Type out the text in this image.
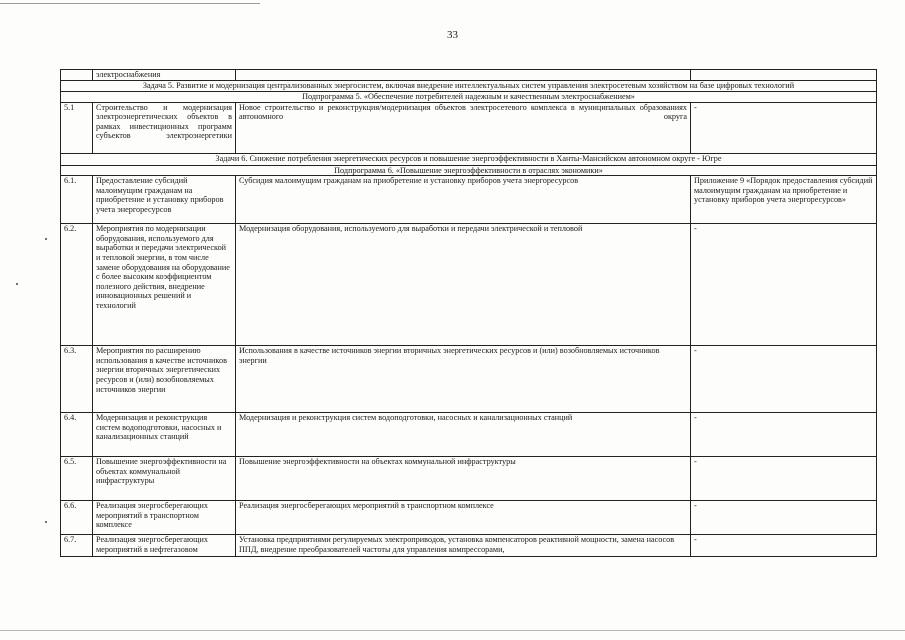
33
	электроснабжения		
Задача 5. Развитие и модернизация централизованных энергосистем, включая внедрение интеллектуальных систем управления электросетевым хозяйством на базе цифровых технологий			
Подпрограмма 5. «Обеспечение потребителей надежным и качественным электроснабжением»			
5.1	Строительство и модернизация электроэнергетических объектов в рамках инвестиционных программ субъектов электроэнергетики	Новое строительство и реконструкция/модернизация объектов электросетевого комплекса в муниципальных образованиях автономного округа	-
Задачи 6. Снижение потребления энергетических ресурсов и повышение энергоэффективности в Ханты-Мансийском автономном округе - Югре			
Подпрограмма 6. «Повышение энергоэффективности в отраслях экономики»			
6.1.	Предоставление субсидий малоимущим гражданам на приобретение и установку приборов учета энергоресурсов	Субсидия малоимущим гражданам на приобретение и установку приборов учета энергоресурсов	Приложение 9 «Порядок предоставления субсидий малоимущим гражданам на приобретение и установку приборов учета энергоресурсов»
6.2.	Мероприятия по модернизации оборудования, используемого для выработки и передачи электрической и тепловой энергии, в том числе замене оборудования на оборудование с более высоким коэффициентом полезного действия, внедрение инновационных решений и технологий	Модернизация оборудования, используемого для выработки и передачи электрической и тепловой	-
6.3.	Мероприятия по расширению использования в качестве источников энергии вторичных энергетических ресурсов и (или) возобновляемых источников энергии	Использования в качестве источников энергии вторичных энергетических ресурсов и (или) возобновляемых источников энергии	-
6.4.	Модернизация и реконструкция систем водоподготовки, насосных и канализационных станций	Модернизация и реконструкция систем водоподготовки, насосных и канализационных станций	-
6.5.	Повышение энергоэффективности на объектах коммунальной инфраструктуры	Повышение энергоэффективности на объектах коммунальной инфраструктуры	-
6.6.	Реализация энергосберегающих мероприятий в транспортном комплексе	Реализация энергосберегающих мероприятий в транспортном комплексе	-
6.7.	Реализация энергосберегающих мероприятий в нефтегазовом	Установка предприятиями регулируемых электроприводов, установка компенсаторов реактивной мощности, замена насосов ППД, внедрение преобразователей частоты для управления компрессорами,	-
